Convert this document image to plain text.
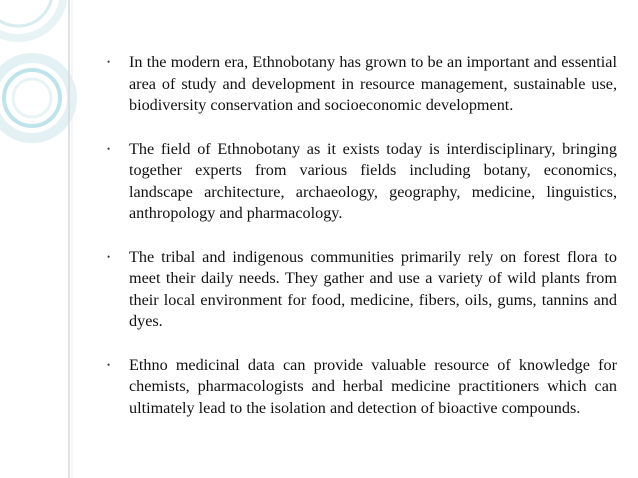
•	In the modern era, Ethnobotany has grown to be an important and essential area of study and development in resource management, sustainable use, biodiversity conservation and socioeconomic development.

•	The field of Ethnobotany as it exists today is interdisciplinary, bringing together experts from various fields including botany, economics, landscape architecture, archaeology, geography, medicine, linguistics, anthropology and pharmacology.

•	The tribal and indigenous communities primarily rely on forest flora to meet their daily needs. They gather and use a variety of wild plants from their local environment for food, medicine, fibers, oils, gums, tannins and dyes.

•	Ethno medicinal data can provide valuable resource of knowledge for chemists, pharmacologists and herbal medicine practitioners which can ultimately lead to the isolation and detection of bioactive compounds.
